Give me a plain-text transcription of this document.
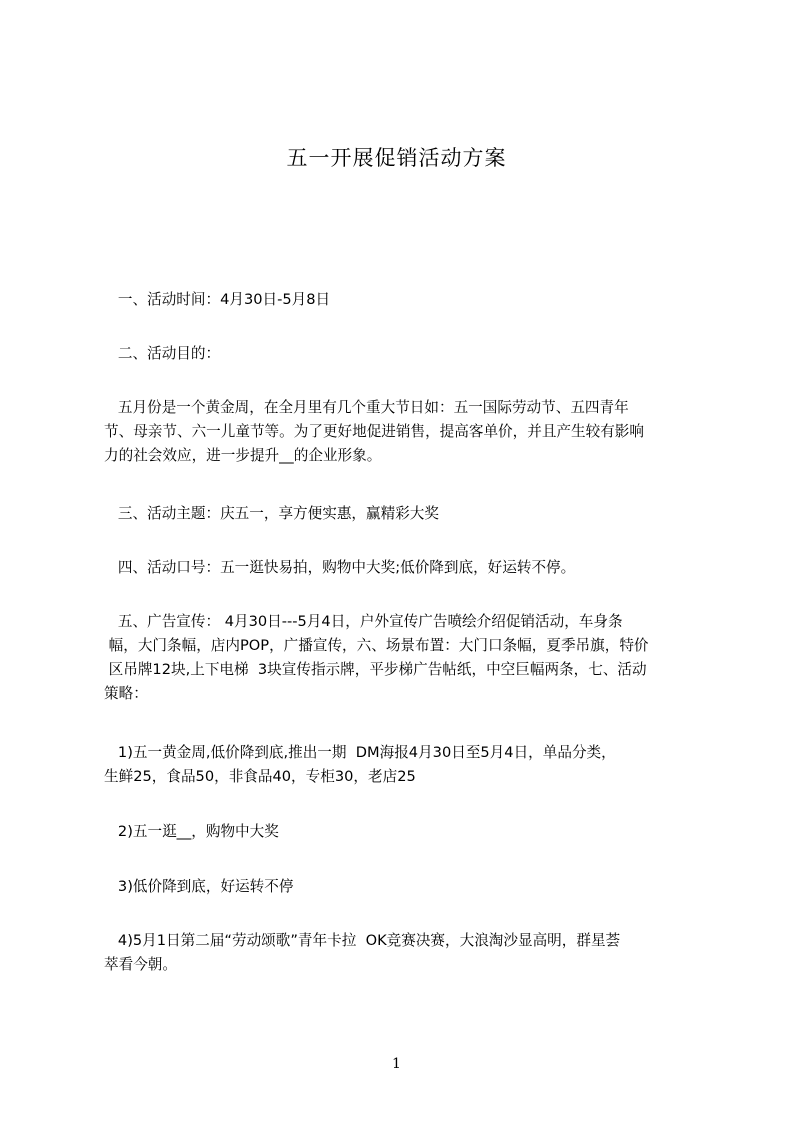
五一开展促销活动方案
一、活动时间：4月30日-5月8日
二、活动目的：
五月份是一个黄金周，在全月里有几个重大节日如：五一国际劳动节、五四青年
节、母亲节、六一儿童节等。为了更好地促进销售，提高客单价，并且产生较有影响
力的社会效应，进一步提升__的企业形象。
三、活动主题：庆五一，享方便实惠，赢精彩大奖
四、活动口号：五一逛快易拍，购物中大奖;低价降到底，好运转不停。
五、广告宣传： 4月30日---5月4日，户外宣传广告喷绘介绍促销活动，车身条
幅，大门条幅，店内POP，广播宣传，六、场景布置：大门口条幅，夏季吊旗，特价
区吊牌12块,上下电梯  3块宣传指示牌，平步梯广告帖纸，中空巨幅两条，七、活动
策略：
1)五一黄金周,低价降到底,推出一期  DM海报4月30日至5月4日，单品分类，
生鲜25，食品50，非食品40，专柜30，老店25
2)五一逛__，购物中大奖
3)低价降到底，好运转不停
4)5月1日第二届“劳动颂歌”青年卡拉  OK竞赛决赛，大浪淘沙显高明，群星荟
萃看今朝。
1
